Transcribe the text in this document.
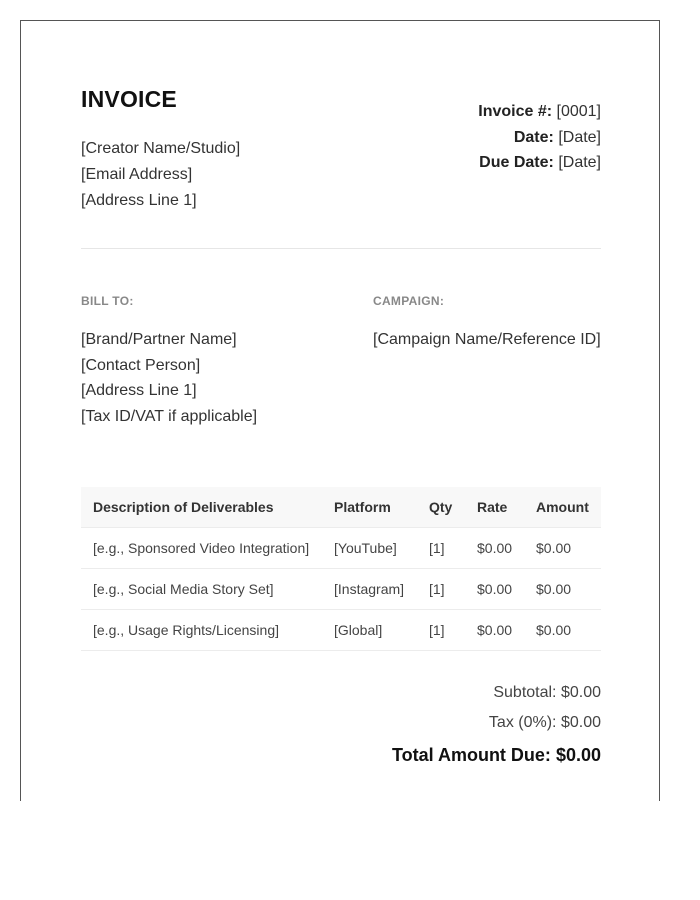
INVOICE
[Creator Name/Studio]
[Email Address]
[Address Line 1]
Invoice #: [0001]
Date: [Date]
Due Date: [Date]
BILL TO:	CAMPAIGN:
[Brand/Partner Name]
[Contact Person]
[Address Line 1]
[Tax ID/VAT if applicable]
[Campaign Name/Reference ID]
Description of Deliverables	Platform	Qty	Rate	Amount
[e.g., Sponsored Video Integration]	[YouTube]	[1]	$0.00	$0.00
[e.g., Social Media Story Set]	[Instagram]	[1]	$0.00	$0.00
[e.g., Usage Rights/Licensing]	[Global]	[1]	$0.00	$0.00
Subtotal: $0.00
Tax (0%): $0.00
Total Amount Due: $0.00
